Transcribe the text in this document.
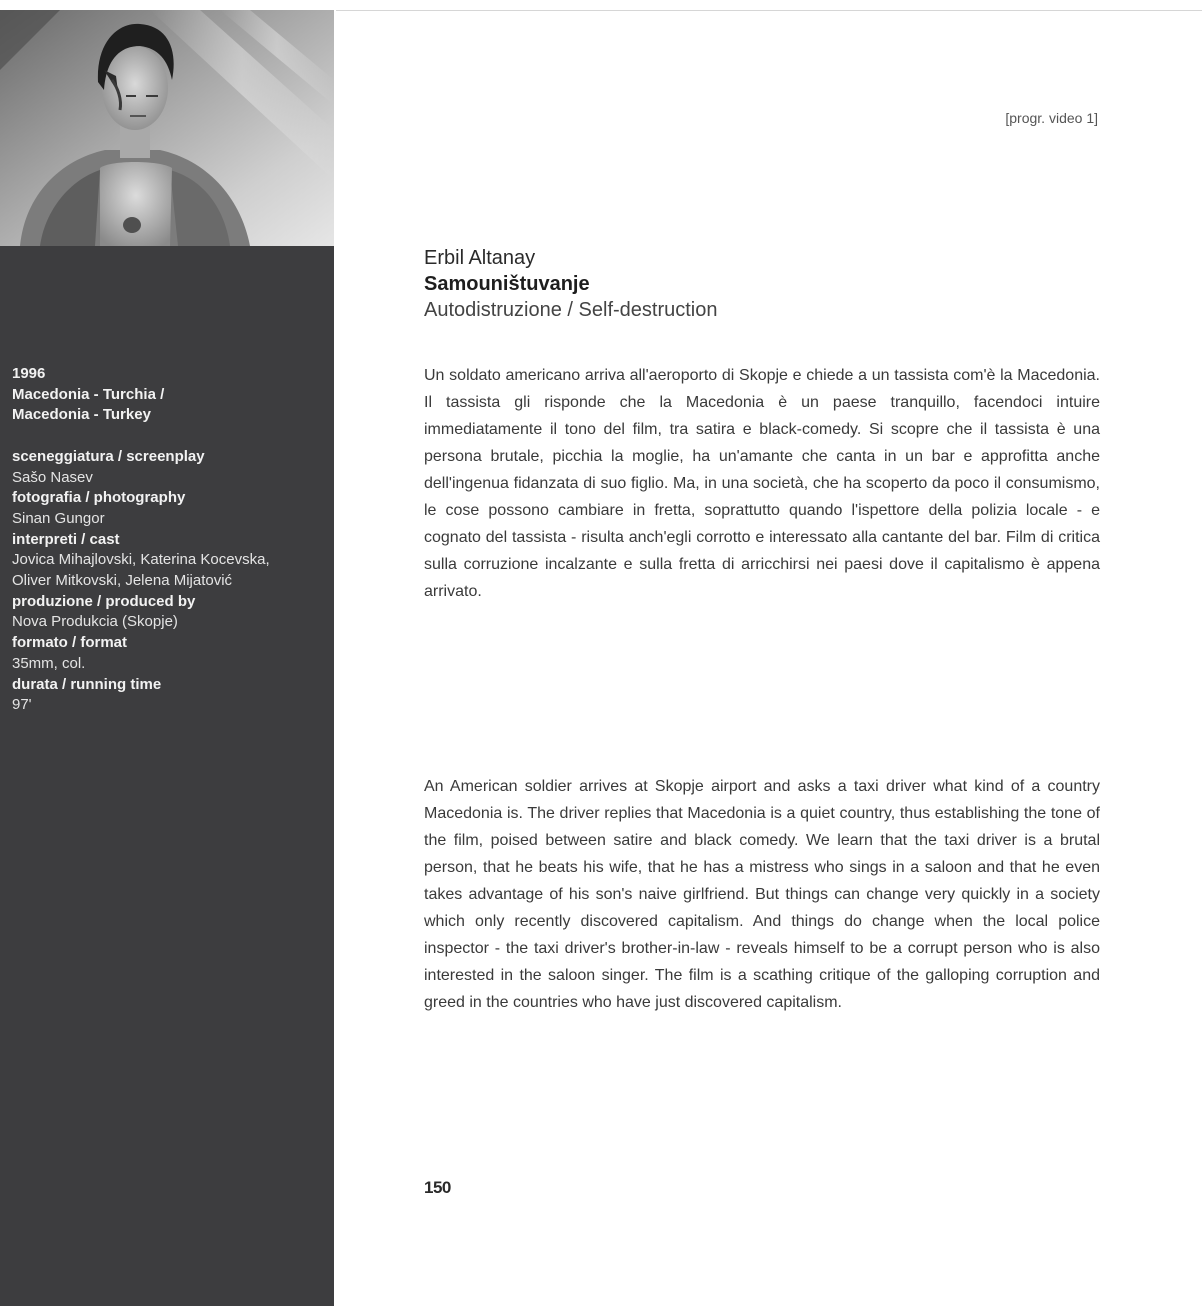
1996
Macedonia - Turchia /
Macedonia - Turkey
sceneggiatura / screenplay
Sašo Nasev
fotografia / photography
Sinan Gungor
interpreti / cast
Jovica Mihajlovski, Katerina Kocevska,
Oliver Mitkovski, Jelena Mijatović
produzione / produced by
Nova Produkcia (Skopje)
formato / format
35mm, col.
durata / running time
97'
[progr. video 1]
Erbil Altanay
Samouništuvanje
Autodistruzione / Self-destruction

Un soldato americano arriva all'aeroporto di Skopje e chiede a un tassista com'è la Macedonia. Il tassista gli risponde che la Macedonia è un paese tranquillo, facendoci intuire immediatamente il tono del film, tra satira e black-comedy. Si scopre che il tassista è una persona brutale, picchia la moglie, ha un'amante che canta in un bar e approfitta anche dell'ingenua fidanzata di suo figlio. Ma, in una società, che ha scoperto da poco il consumismo, le cose possono cambiare in fretta, soprattutto quando l'ispettore della polizia locale - e cognato del tassista - risulta anch'egli corrotto e interessato alla cantante del bar. Film di critica sulla corruzione incalzante e sulla fretta di arricchirsi nei paesi dove il capitalismo è appena arrivato.

An American soldier arrives at Skopje airport and asks a taxi driver what kind of a country Macedonia is. The driver replies that Macedonia is a quiet country, thus establishing the tone of the film, poised between satire and black comedy. We learn that the taxi driver is a brutal person, that he beats his wife, that he has a mistress who sings in a saloon and that he even takes advantage of his son's naive girlfriend. But things can change very quickly in a society which only recently discovered capitalism. And things do change when the local police inspector - the taxi driver's brother-in-law - reveals himself to be a corrupt person who is also interested in the saloon singer. The film is a scathing critique of the galloping corruption and greed in the countries who have just discovered capitalism.

150
